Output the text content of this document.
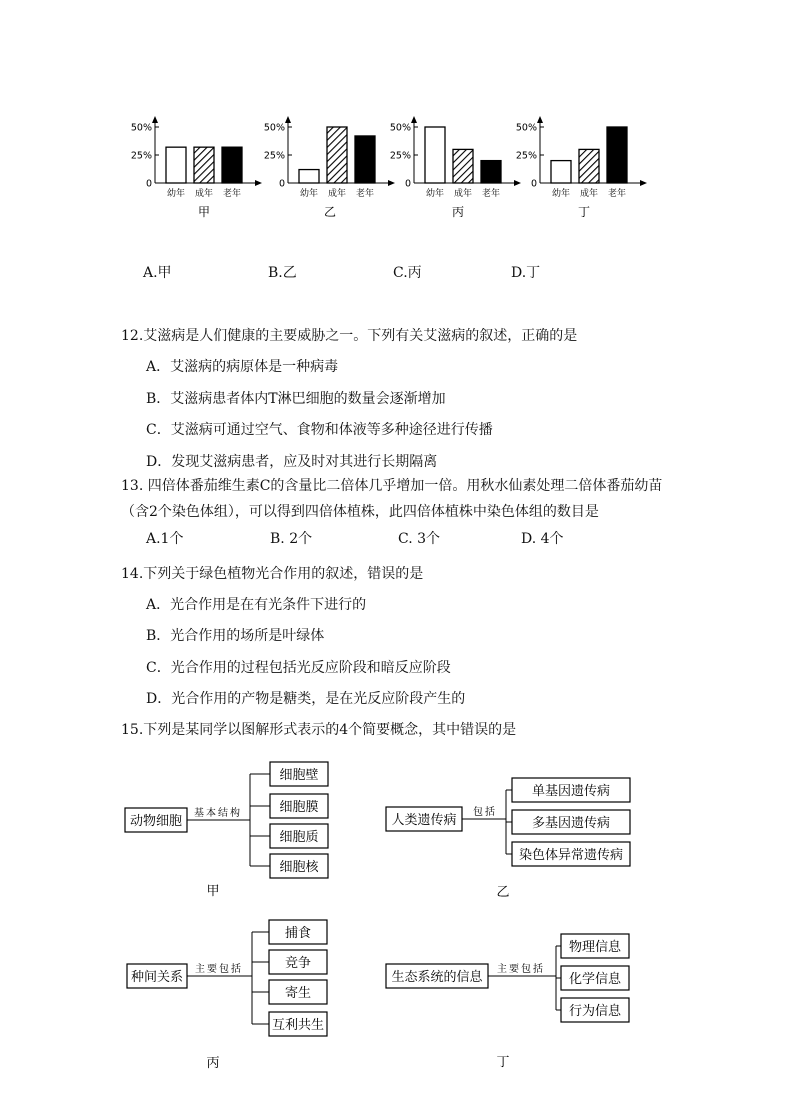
50%
25%
0
幼年 成年 老年
甲
50%
25%
0
幼年 成年 老年
乙
50%
25%
0
幼年 成年 老年
丙
50%
25%
0
幼年 成年 老年
丁
A.甲	B.乙	C.丙	D.丁
12.艾滋病是人们健康的主要威胁之一。下列有关艾滋病的叙述，正确的是
A．艾滋病的病原体是一种病毒
B．艾滋病患者体内T淋巴细胞的数量会逐渐增加
C．艾滋病可通过空气、食物和体液等多种途径进行传播
D．发现艾滋病患者，应及时对其进行长期隔离
13. 四倍体番茄维生素C的含量比二倍体几乎增加一倍。用秋水仙素处理二倍体番茄幼苗
（含2个染色体组），可以得到四倍体植株，此四倍体植株中染色体组的数目是
A.1个	B. 2个	C. 3个	D. 4个
14.下列关于绿色植物光合作用的叙述，错误的是
A．光合作用是在有光条件下进行的
B．光合作用的场所是叶绿体
C．光合作用的过程包括光反应阶段和暗反应阶段
D．光合作用的产物是糖类，是在光反应阶段产生的
15.下列是某同学以图解形式表示的4个简要概念，其中错误的是
动物细胞
基本结构
细胞壁
细胞膜
细胞质
细胞核
甲
人类遗传病
包括
单基因遗传病
多基因遗传病
染色体异常遗传病
乙
种间关系
主要包括
捕食
竞争
寄生
互利共生
丙
生态系统的信息
主要包括
物理信息
化学信息
行为信息
丁
